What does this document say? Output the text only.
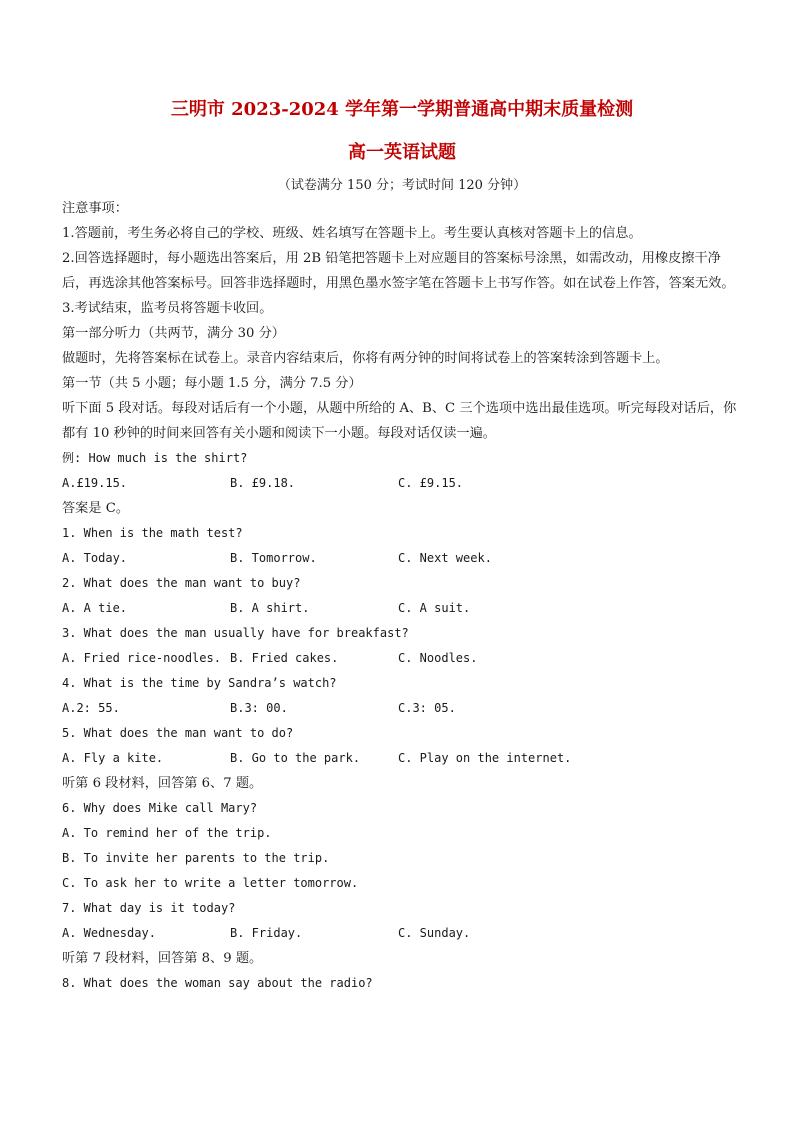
三明市 2023-2024 学年第一学期普通高中期末质量检测
高一英语试题
（试卷满分 150 分；考试时间 120 分钟）
注意事项：
1.答题前，考生务必将自己的学校、班级、姓名填写在答题卡上。考生要认真核对答题卡上的信息。
2.回答选择题时，每小题选出答案后，用 2B 铅笔把答题卡上对应题目的答案标号涂黑，如需改动，用橡皮擦干净后，再选涂其他答案标号。回答非选择题时，用黑色墨水签字笔在答题卡上书写作答。如在试卷上作答，答案无效。
3.考试结束，监考员将答题卡收回。
第一部分听力（共两节，满分 30 分）
做题时，先将答案标在试卷上。录音内容结束后，你将有两分钟的时间将试卷上的答案转涂到答题卡上。
第一节（共 5 小题；每小题 1.5 分，满分 7.5 分）
听下面 5 段对话。每段对话后有一个小题，从题中所给的 A、B、C 三个选项中选出最佳选项。听完每段对话后，你都有 10 秒钟的时间来回答有关小题和阅读下一小题。每段对话仅读一遍。
例: How much is the shirt?
A.£19.15.	B. £9.18.	C. £9.15.
答案是 C。
1. When is the math test?
A. Today.	B. Tomorrow.	C. Next week.
2. What does the man want to buy?
A. A tie.	B. A shirt.	C. A suit.
3. What does the man usually have for breakfast?
A. Fried rice-noodles. B. Fried cakes.	C. Noodles.
4. What is the time by Sandra’s watch?
A.2: 55.	B.3: 00.	C.3: 05.
5. What does the man want to do?
A. Fly a kite.	B. Go to the park.	C. Play on the internet.
听第 6 段材料，回答第 6、7 题。
6. Why does Mike call Mary?
A. To remind her of the trip.
B. To invite her parents to the trip.
C. To ask her to write a letter tomorrow.
7. What day is it today?
A. Wednesday.	B. Friday.	C. Sunday.
听第 7 段材料，回答第 8、9 题。
8. What does the woman say about the radio?
